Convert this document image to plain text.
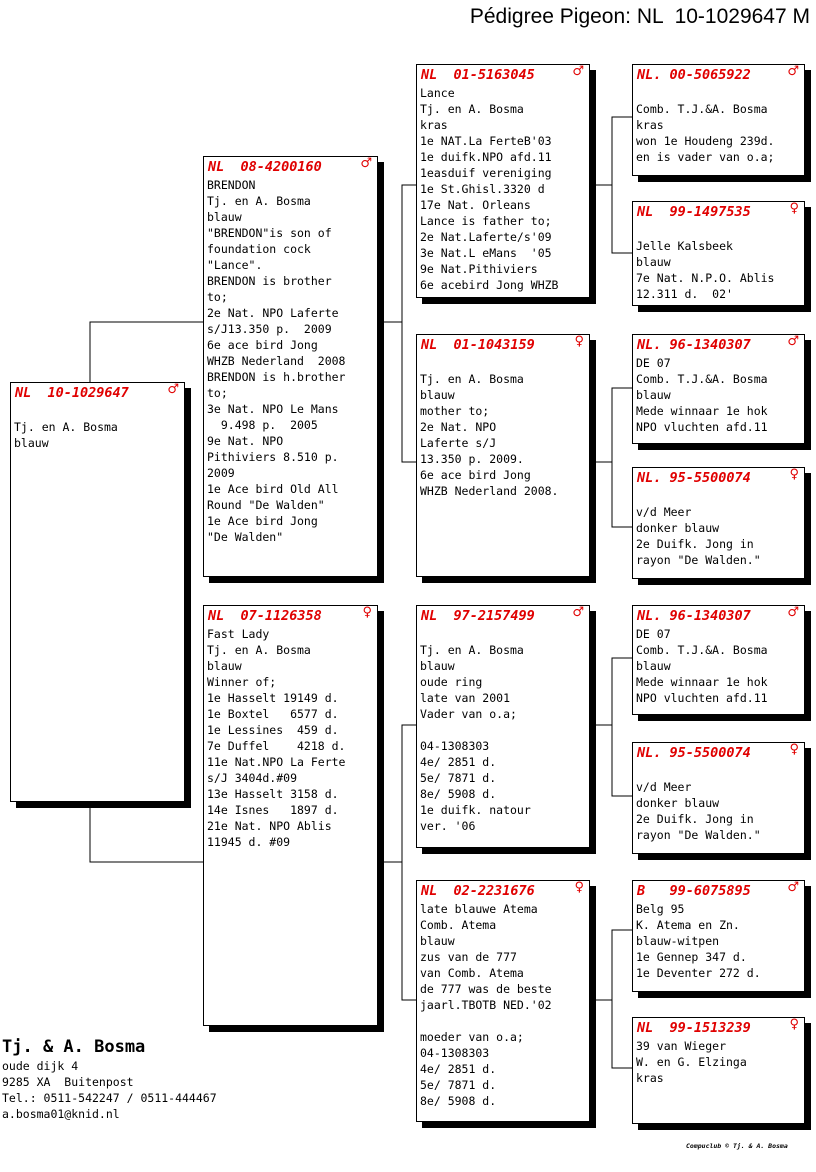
Pédigree Pigeon: NL  10-1029647 M
NL  10-1029647	♂
Tj. en A. Bosma
blauw
NL  08-4200160	♂
BRENDON
Tj. en A. Bosma
blauw
"BRENDON"is son of
foundation cock
"Lance".
BRENDON is brother
to;
2e Nat. NPO Laferte
s/J13.350 p.  2009
6e ace bird Jong
WHZB Nederland  2008
BRENDON is h.brother
to;
3e Nat. NPO Le Mans
9.498 p.  2005
9e Nat. NPO
Pithiviers 8.510 p.
2009
1e Ace bird Old All
Round "De Walden"
1e Ace bird Jong
"De Walden"
NL  07-1126358	♀
Fast Lady
Tj. en A. Bosma
blauw
Winner of;
1e Hasselt 19149 d.
1e Boxtel   6577 d.
1e Lessines  459 d.
7e Duffel    4218 d.
11e Nat.NPO La Ferte
s/J 3404d.#09
13e Hasselt 3158 d.
14e Isnes   1897 d.
21e Nat. NPO Ablis
11945 d. #09
NL  01-5163045	♂
Lance
Tj. en A. Bosma
kras
1e NAT.La FerteB'03
1e duifk.NPO afd.11
1easduif vereniging
1e St.Ghisl.3320 d
17e Nat. Orleans
Lance is father to;
2e Nat.Laferte/s'09
3e Nat.L eMans  '05
9e Nat.Pithiviers
6e acebird Jong WHZB
NL  01-1043159	♀
Tj. en A. Bosma
blauw
mother to;
2e Nat. NPO
Laferte s/J
13.350 p. 2009.
6e ace bird Jong
WHZB Nederland 2008.
NL  97-2157499	♂
Tj. en A. Bosma
blauw
oude ring
late van 2001
Vader van o.a;
04-1308303
4e/ 2851 d.
5e/ 7871 d.
8e/ 5908 d.
1e duifk. natour
ver. '06
NL  02-2231676	♀
late blauwe Atema
Comb. Atema
blauw
zus van de 777
van Comb. Atema
de 777 was de beste
jaarl.TBOTB NED.'02
moeder van o.a;
04-1308303
4e/ 2851 d.
5e/ 7871 d.
8e/ 5908 d.
NL. 00-5065922	♂
Comb. T.J.&A. Bosma
kras
won 1e Houdeng 239d.
en is vader van o.a;
NL  99-1497535	♀
Jelle Kalsbeek
blauw
7e Nat. N.P.O. Ablis
12.311 d.  02'
NL. 96-1340307	♂
DE 07
Comb. T.J.&A. Bosma
blauw
Mede winnaar 1e hok
NPO vluchten afd.11
NL. 95-5500074	♀
v/d Meer
donker blauw
2e Duifk. Jong in
rayon "De Walden."
NL. 96-1340307	♂
DE 07
Comb. T.J.&A. Bosma
blauw
Mede winnaar 1e hok
NPO vluchten afd.11
NL. 95-5500074	♀
v/d Meer
donker blauw
2e Duifk. Jong in
rayon "De Walden."
B   99-6075895	♂
Belg 95
K. Atema en Zn.
blauw-witpen
1e Gennep 347 d.
1e Deventer 272 d.
NL  99-1513239	♀
39 van Wieger
W. en G. Elzinga
kras
Tj. & A. Bosma
oude dijk 4
9285 XA  Buitenpost
Tel.: 0511-542247 / 0511-444467
a.bosma01@knid.nl
Compuclub © Tj. & A. Bosma
